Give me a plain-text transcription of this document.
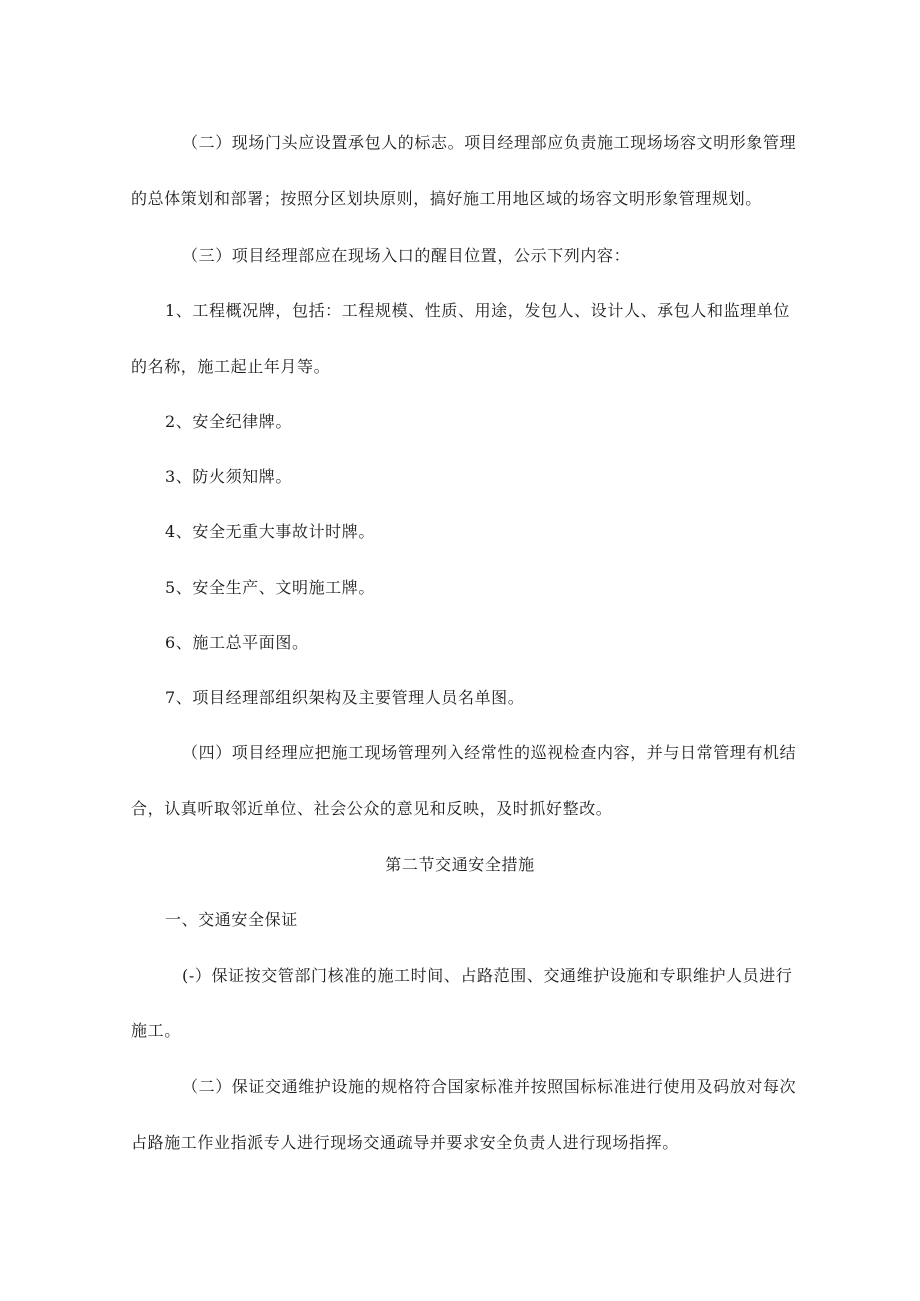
（二）现场门头应设置承包人的标志。项目经理部应负责施工现场场容文明形象管理
的总体策划和部署；按照分区划块原则，搞好施工用地区域的场容文明形象管理规划。
（三）项目经理部应在现场入口的醒目位置，公示下列内容：
1、工程概况牌，包括：工程规模、性质、用途，发包人、设计人、承包人和监理单位
的名称，施工起止年月等。
2、安全纪律牌。
3、防火须知牌。
4、安全无重大事故计时牌。
5、安全生产、文明施工牌。
6、施工总平面图。
7、项目经理部组织架构及主要管理人员名单图。
（四）项目经理应把施工现场管理列入经常性的巡视检查内容，并与日常管理有机结
合，认真听取邻近单位、社会公众的意见和反映，及时抓好整改。
第二节交通安全措施
一、交通安全保证
(-）保证按交管部门核准的施工时间、占路范围、交通维护设施和专职维护人员进行
施工。
（二）保证交通维护设施的规格符合国家标准并按照国标标准进行使用及码放对每次
占路施工作业指派专人进行现场交通疏导并要求安全负责人进行现场指挥。
